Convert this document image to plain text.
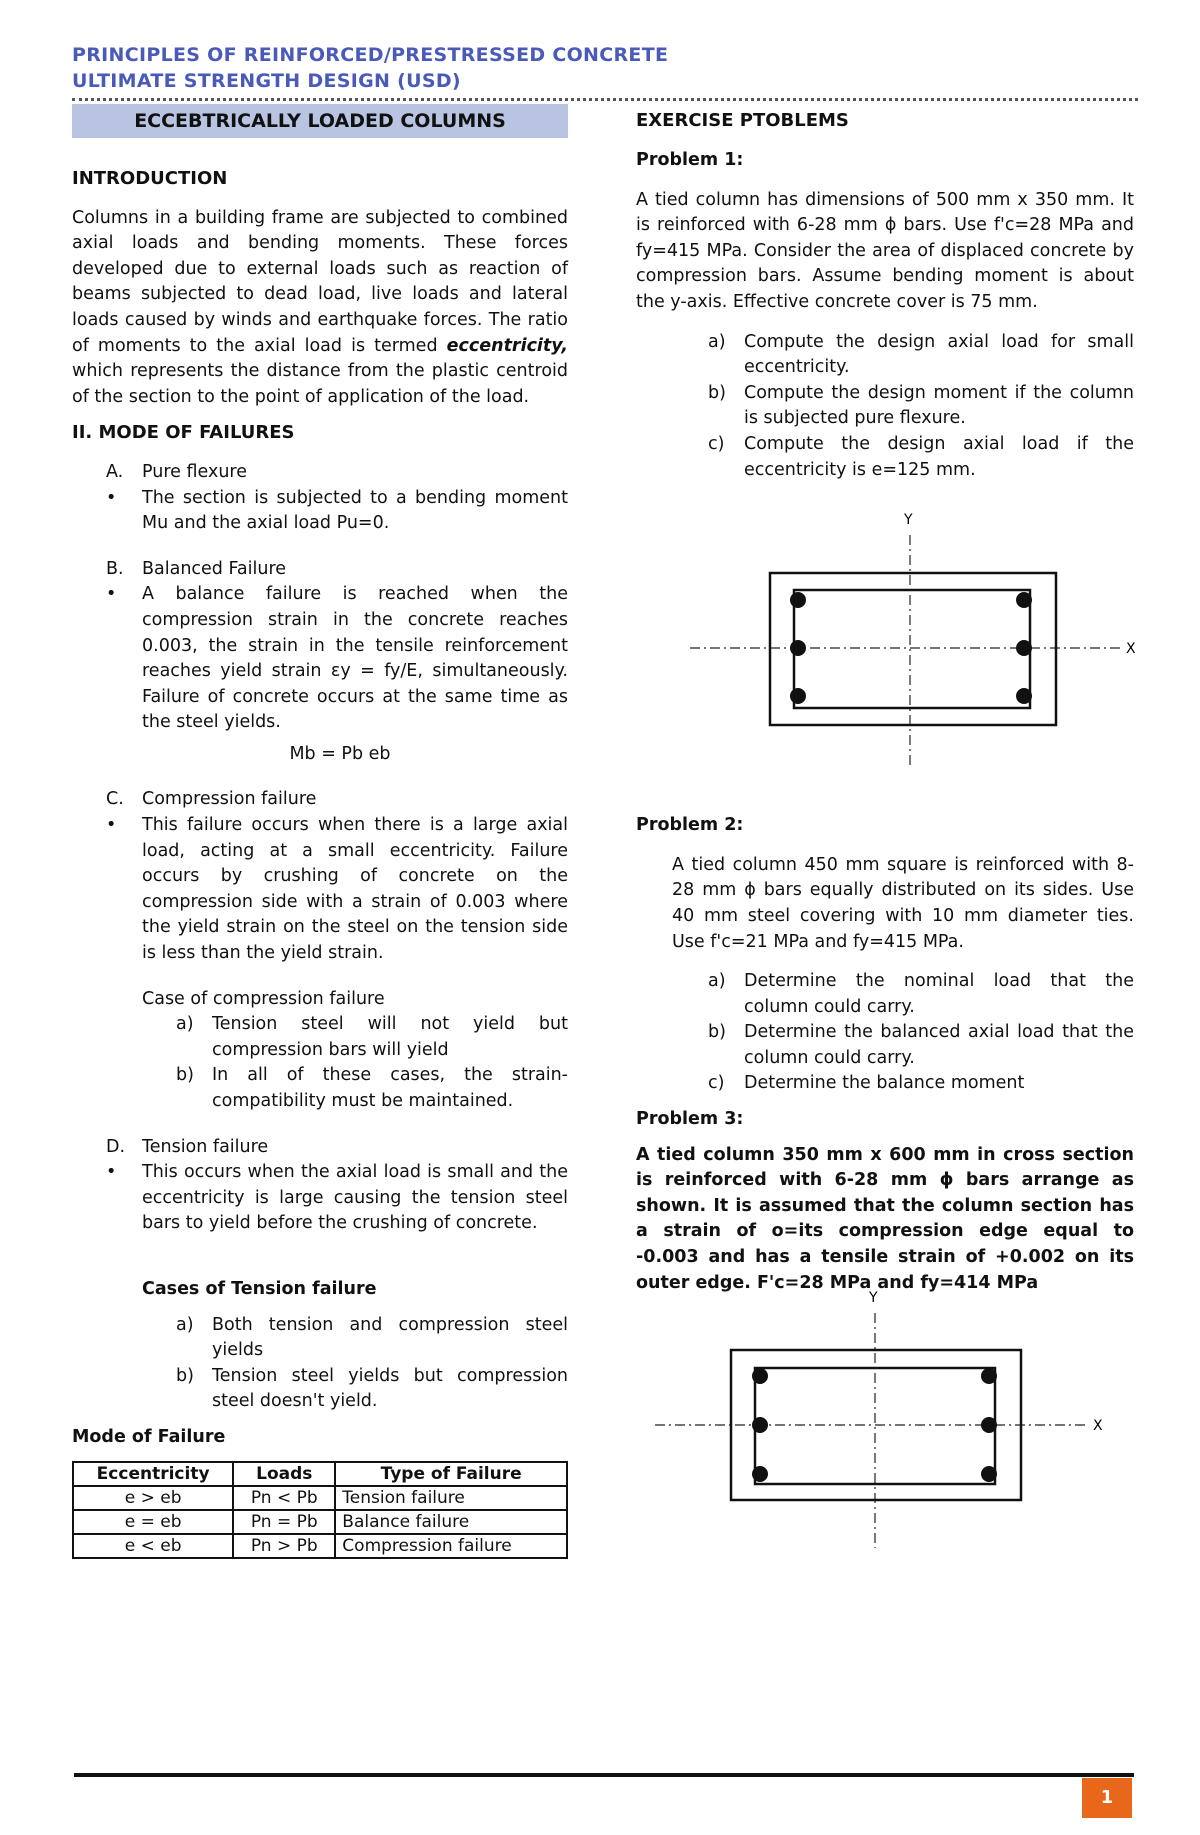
PRINCIPLES OF REINFORCED/PRESTRESSED CONCRETE
ULTIMATE STRENGTH DESIGN (USD)
ECCEBTRICALLY LOADED COLUMNS

INTRODUCTION

Columns in a building frame are subjected to combined axial loads and bending moments. These forces developed due to external loads such as reaction of beams subjected to dead load, live loads and lateral loads caused by winds and earthquake forces. The ratio of moments to the axial load is termed eccentricity, which represents the distance from the plastic centroid of the section to the point of application of the load.

II. MODE OF FAILURES

A.	Pure flexure
•	The section is subjected to a bending moment Mu and the axial load Pu=0.
B.	Balanced Failure
•	A balance failure is reached when the compression strain in the concrete reaches 0.003, the strain in the tensile reinforcement reaches yield strain εy = fy/E, simultaneously. Failure of concrete occurs at the same time as the steel yields.

Mb = Pb eb

C.	Compression failure
•	This failure occurs when there is a large axial load, acting at a small eccentricity. Failure occurs by crushing of concrete on the compression side with a strain of 0.003 where the yield strain on the steel on the tension side is less than the yield strain.

Case of compression failure

a)	Tension steel will not yield but compression bars will yield
b)	In all of these cases, the strain-compatibility must be maintained.
D. Tension failure
•	This occurs when the axial load is small and the eccentricity is large causing the tension steel bars to yield before the crushing of concrete.

Cases of Tension failure

a)	Both tension and compression steel yields
b)	Tension steel yields but compression steel doesn't yield.

Mode of Failure

Eccentricity	Loads	Type of Failure
e > eb	Pn < Pb	Tension failure
e = eb	Pn = Pb	Balance failure
e < eb	Pn > Pb	Compression failure

EXERCISE PTOBLEMS

Problem 1:

A tied column has dimensions of 500 mm x 350 mm. It is reinforced with 6-28 mm ϕ bars. Use f'c=28 MPa and fy=415 MPa. Consider the area of displaced concrete by compression bars. Assume bending moment is about the y-axis. Effective concrete cover is 75 mm.

a)	Compute the design axial load for small eccentricity.
b)	Compute the design moment if the column is subjected pure flexure.
c)	Compute the design axial load if the eccentricity is e=125 mm.

Problem 2:

A tied column 450 mm square is reinforced with 8-28 mm ϕ bars equally distributed on its sides. Use 40 mm steel covering with 10 mm diameter ties. Use f'c=21 MPa and fy=415 MPa.

a)	Determine the nominal load that the column could carry.
b)	Determine the balanced axial load that the column could carry.
c)	Determine the balance moment

Problem 3:

A tied column 350 mm x 600 mm in cross section is reinforced with 6-28 mm ϕ bars arrange as shown. It is assumed that the column section has a strain of o=its compression edge equal to -0.003 and has a tensile strain of +0.002 on its outer edge. F'c=28 MPa and fy=414 MPa

Y
X
Y
X
1
